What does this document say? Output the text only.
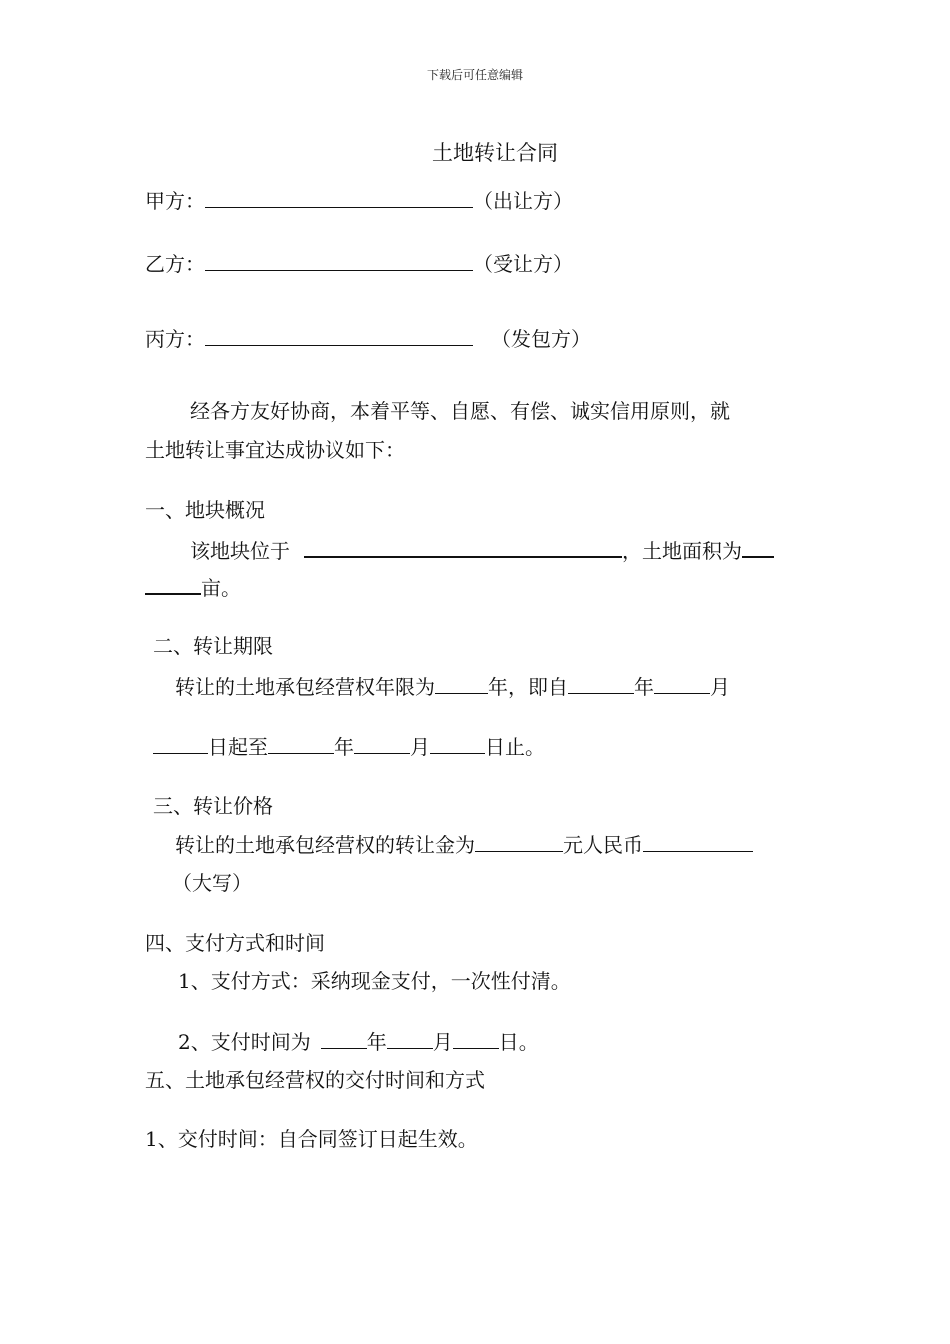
下载后可任意编辑
土地转让合同
甲方：	（出让方）
乙方：	（受让方）
丙方：	（发包方）
经各方友好协商，本着平等、自愿、有偿、诚实信用原则，就
土地转让事宜达成协议如下：
一、地块概况
该地块位于	，土地面积为
亩。
二、转让期限
转让的土地承包经营权年限为	年，即自	年	月
日起至	年	月	日止。
三、转让价格
转让的土地承包经营权的转让金为	元人民币
（大写）
四、支付方式和时间
1、支付方式：采纳现金支付，一次性付清。
2、支付时间为	年 月 日。
五、土地承包经营权的交付时间和方式
1、交付时间：自合同签订日起生效。
